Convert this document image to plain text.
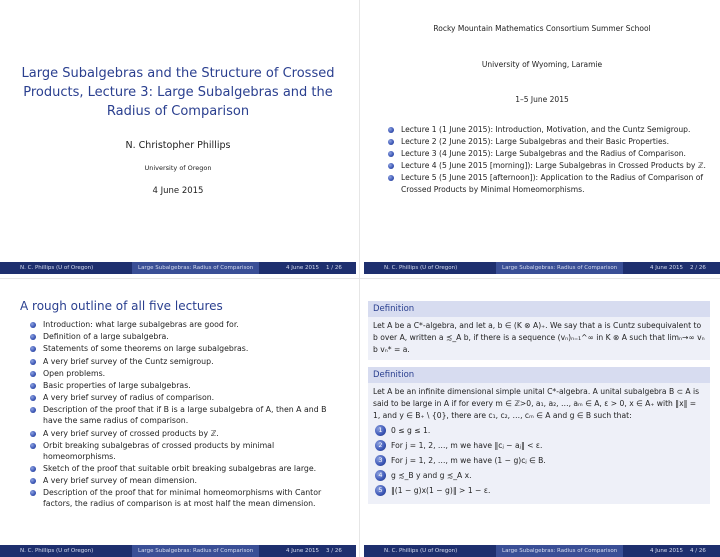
Large Subalgebras and the Structure of Crossed Products, Lecture 3: Large Subalgebras and the Radius of Comparison
N. Christopher Phillips
University of Oregon
4 June 2015
N. C. Phillips (U of Oregon)	Large Subalgebras: Radius of Comparison	4 June 2015 1 / 26
Rocky Mountain Mathematics Consortium Summer School
University of Wyoming, Laramie
1–5 June 2015
Lecture 1 (1 June 2015): Introduction, Motivation, and the Cuntz Semigroup.
Lecture 2 (2 June 2015): Large Subalgebras and their Basic Properties.
Lecture 3 (4 June 2015): Large Subalgebras and the Radius of Comparison.
Lecture 4 (5 June 2015 [morning]): Large Subalgebras in Crossed Products by ℤ.
Lecture 5 (5 June 2015 [afternoon]): Application to the Radius of Comparison of Crossed Products by Minimal Homeomorphisms.
N. C. Phillips (U of Oregon)	Large Subalgebras: Radius of Comparison	4 June 2015 2 / 26
A rough outline of all five lectures
Introduction: what large subalgebras are good for.
Definition of a large subalgebra.
Statements of some theorems on large subalgebras.
A very brief survey of the Cuntz semigroup.
Open problems.
Basic properties of large subalgebras.
A very brief survey of radius of comparison.
Description of the proof that if B is a large subalgebra of A, then A and B have the same radius of comparison.
A very brief survey of crossed products by ℤ.
Orbit breaking subalgebras of crossed products by minimal homeomorphisms.
Sketch of the proof that suitable orbit breaking subalgebras are large.
A very brief survey of mean dimension.
Description of the proof that for minimal homeomorphisms with Cantor factors, the radius of comparison is at most half the mean dimension.
N. C. Phillips (U of Oregon)	Large Subalgebras: Radius of Comparison	4 June 2015 3 / 26
Definition
Let A be a C*-algebra, and let a, b ∈ (K ⊗ A)₊. We say that a is Cuntz subequivalent to b over A, written a ≾_A b, if there is a sequence (vₙ)ₙ₌₁^∞ in K ⊗ A such that limₙ→∞ vₙ b vₙ* = a.
Definition
Let A be an infinite dimensional simple unital C*-algebra. A unital subalgebra B ⊂ A is said to be large in A if for every m ∈ ℤ>0, a₁, a₂, …, aₘ ∈ A, ε > 0, x ∈ A₊ with ‖x‖ = 1, and y ∈ B₊ \ {0}, there are c₁, c₂, …, cₘ ∈ A and g ∈ B such that:
1	0 ≤ g ≤ 1.
2	For j = 1, 2, …, m we have ‖cⱼ − aⱼ‖ < ε.
3	For j = 1, 2, …, m we have (1 − g)cⱼ ∈ B.
4	g ≾_B y and g ≾_A x.
5	‖(1 − g)x(1 − g)‖ > 1 − ε.
N. C. Phillips (U of Oregon)	Large Subalgebras: Radius of Comparison	4 June 2015 4 / 26
